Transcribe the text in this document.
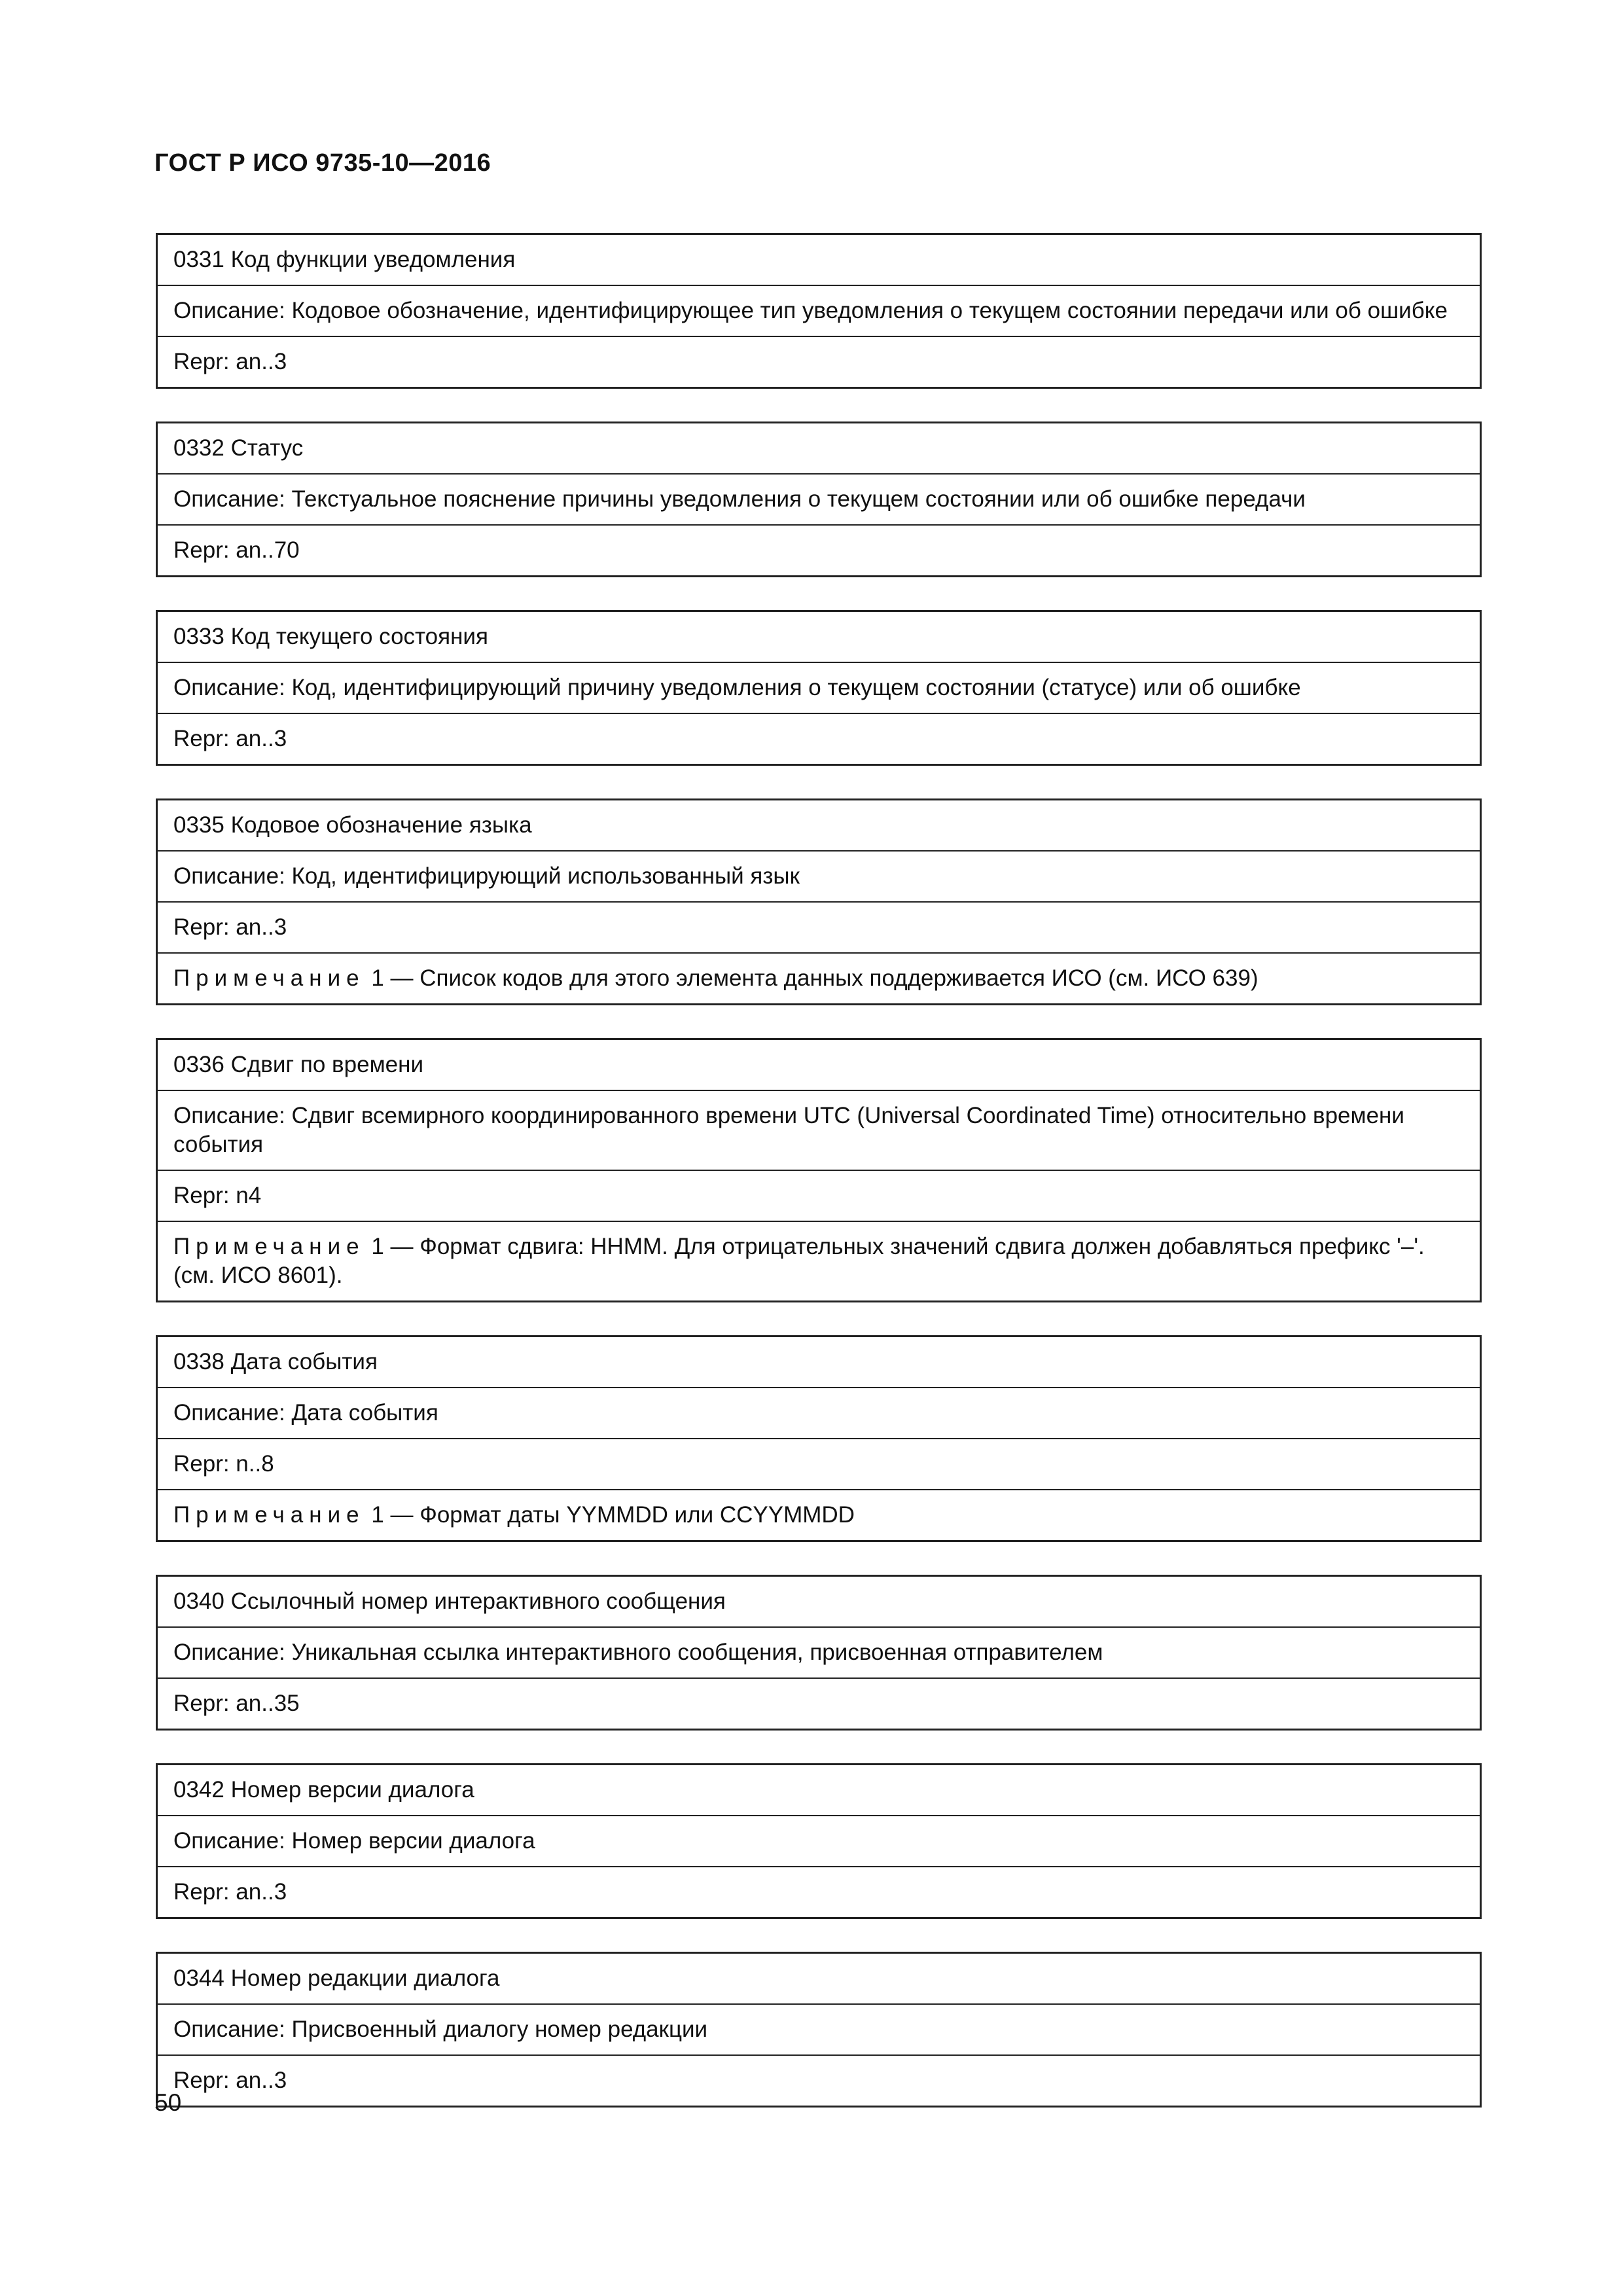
ГОСТ Р ИСО 9735-10—2016
0331 Код функции уведомления
Описание: Кодовое обозначение, идентифицирующее тип уведомления о текущем состоянии передачи или об ошибке
Repr: an..3
0332 Статус
Описание: Текстуальное пояснение причины уведомления о текущем состоянии или об ошибке передачи
Repr: an..70
0333 Код текущего состояния
Описание: Код, идентифицирующий причину уведомления о текущем состоянии (статусе) или об ошибке
Repr: an..3
0335 Кодовое обозначение языка
Описание: Код, идентифицирующий использованный язык
Repr: an..3
Примечание 1 — Список кодов для этого элемента данных поддерживается ИСО (см. ИСО 639)
0336 Сдвиг по времени
Описание: Сдвиг всемирного координированного времени UTC (Universal Coordinated Time) относительно времени события
Repr: n4
Примечание 1 — Формат сдвига: HHMM. Для отрицательных значений сдвига должен добавляться префикс '–'.(см. ИСО 8601).
0338 Дата события
Описание: Дата события
Repr: n..8
Примечание 1 — Формат даты YYMMDD или CCYYMMDD
0340 Ссылочный номер интерактивного сообщения
Описание: Уникальная ссылка интерактивного сообщения, присвоенная отправителем
Repr: an..35
0342 Номер версии диалога
Описание: Номер версии диалога
Repr: an..3
0344 Номер редакции диалога
Описание: Присвоенный диалогу номер редакции
Repr: an..3
50
